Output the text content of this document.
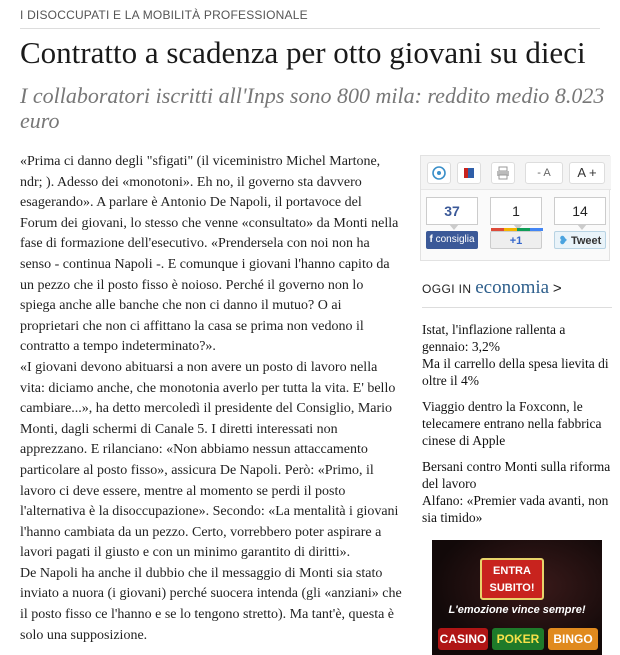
I DISOCCUPATI E LA MOBILITÀ PROFESSIONALE
Contratto a scadenza per otto giovani su dieci
I collaboratori iscritti all'Inps sono 800 mila: reddito medio 8.023 euro

«Prima ci danno degli "sfigati" (il viceministro Michel Martone, ndr; ). Adesso dei «monotoni». Eh no, il governo sta davvero esagerando». A parlare è Antonio De Napoli, il portavoce del Forum dei giovani, lo stesso che venne «consultato» da Monti nella fase di formazione dell'esecutivo. «Prendersela con noi non ha senso - continua Napoli -. E comunque i giovani l'hanno capito da un pezzo che il posto fisso è noioso. Perché il governo non lo spiega anche alle banche che non ci danno il mutuo? O ai proprietari che non ci affittano la casa se prima non vedono il contratto a tempo indeterminato?».

«I giovani devono abituarsi a non avere un posto di lavoro nella vita: diciamo anche, che monotonia averlo per tutta la vita. E' bello cambiare...», ha detto mercoledì il presidente del Consiglio, Mario Monti, dagli schermi di Canale 5. I diretti interessati non apprezzano. E rilanciano: «Non abbiamo nessun attaccamento particolare al posto fisso», assicura De Napoli. Però: «Primo, il lavoro ci deve essere, mentre al momento se perdi il posto l'alternativa è la disoccupazione». Secondo: «La mentalità i giovani l'hanno cambiata da un pezzo. Certo, vorrebbero poter aspirare a lavori pagati il giusto e con un minimo garantito di diritti».

De Napoli ha anche il dubbio che il messaggio di Monti sia stato inviato a nuora (i giovani) perché suocera intenda (gli «anziani» che il posto fisso ce l'hanno e se lo tengono stretto). Ma tant'è, questa è solo una supposizione.

- A	A +
37
f consiglia
1
+1
14
❥ Tweet
OGGI IN economia >
Istat, l'inflazione rallenta a gennaio: 3,2%
Ma il carrello della spesa lievita di oltre il 4%
Viaggio dentro la Foxconn, le telecamere entrano nella fabbrica cinese di Apple
Bersani contro Monti sulla riforma del lavoro
Alfano: «Premier vada avanti, non sia timido»
ENTRA
SUBITO!
L'emozione vince sempre!
CASINO POKER	BINGO
